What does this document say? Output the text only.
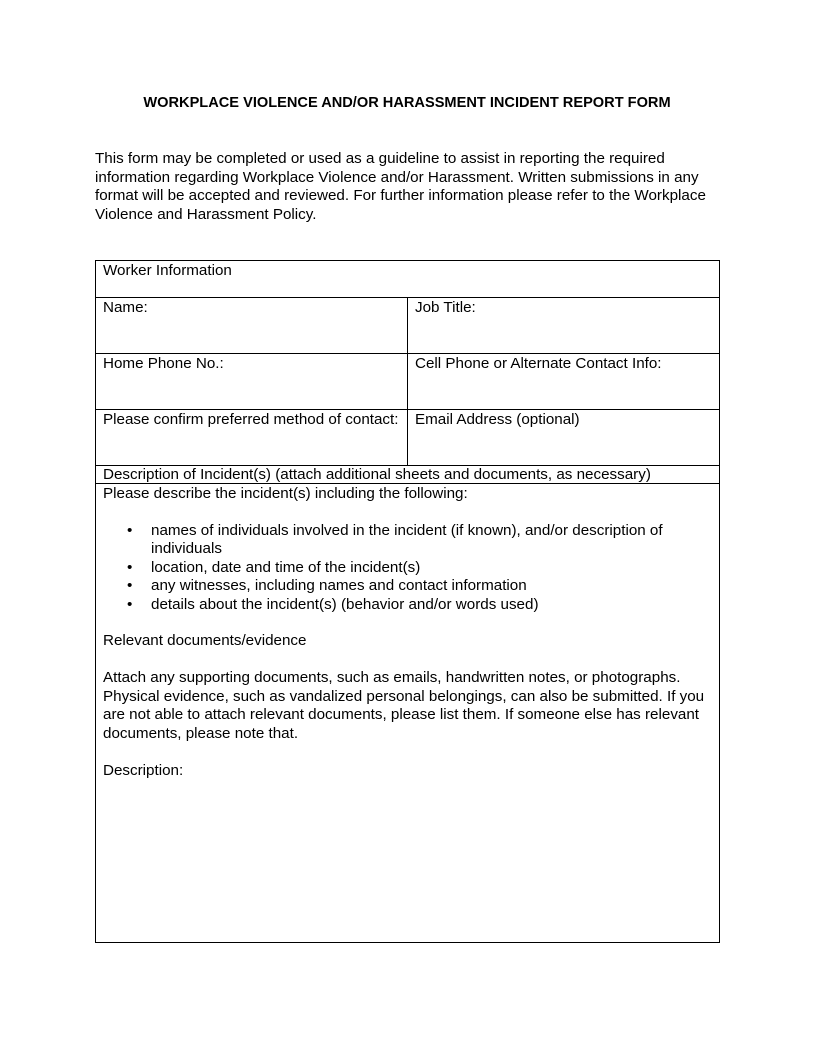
WORKPLACE VIOLENCE AND/OR HARASSMENT INCIDENT REPORT FORM
This form may be completed or used as a guideline to assist in reporting the required information regarding Workplace Violence and/or Harassment. Written submissions in any format will be accepted and reviewed. For further information please refer to the Workplace Violence and Harassment Policy.
Worker Information	
Name:	Job Title:
Home Phone No.:	Cell Phone or Alternate Contact Info:
Please confirm preferred method of contact:	Email Address (optional)
Description of Incident(s) (attach additional sheets and documents, as necessary)	

Please describe the incident(s) including the following:
• names of individuals involved in the incident (if known), and/or description of individuals
• location, date and time of the incident(s)
• any witnesses, including names and contact information
• details about the incident(s) (behavior and/or words used)
Relevant documents/evidence
Attach any supporting documents, such as emails, handwritten notes, or photographs. Physical evidence, such as vandalized personal belongings, can also be submitted. If you are not able to attach relevant documents, please list them. If someone else has relevant documents, please note that.
Description:
